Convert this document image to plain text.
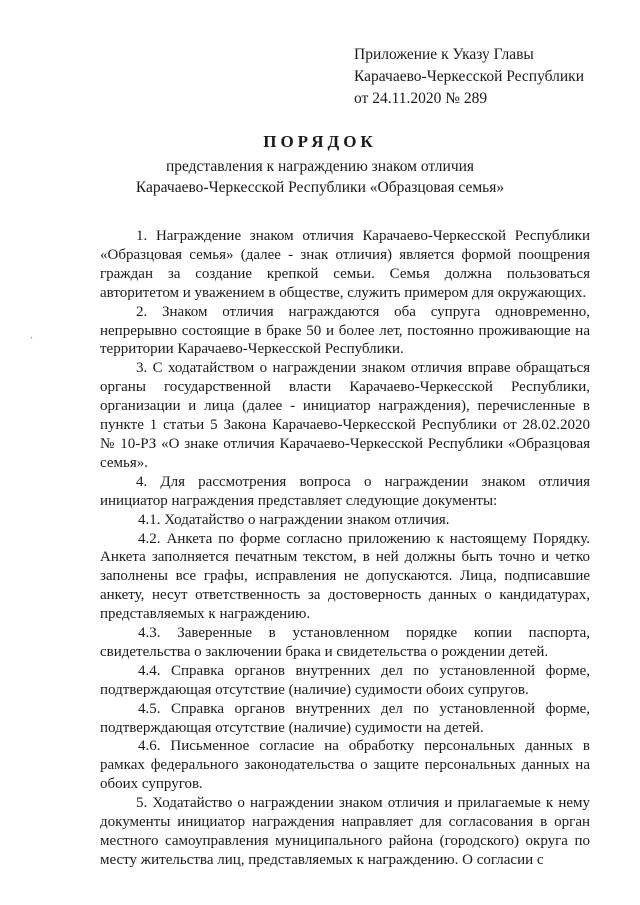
Приложение к Указу Главы
Карачаево-Черкесской Республики
от 24.11.2020 № 289
ПОРЯДОК
представления к награждению знаком отличия
Карачаево-Черкесской Республики «Образцовая семья»

1. Награждение знаком отличия Карачаево-Черкесской Республики «Образцовая семья» (далее - знак отличия) является формой поощрения граждан за создание крепкой семьи. Семья должна пользоваться авторитетом и уважением в обществе, служить примером для окружающих.

2. Знаком отличия награждаются оба супруга одновременно, непрерывно состоящие в браке 50 и более лет, постоянно проживающие на территории Карачаево-Черкесской Республики.

3. С ходатайством о награждении знаком отличия вправе обращаться органы государственной власти Карачаево-Черкесской Республики, организации и лица (далее - инициатор награждения), перечисленные в пункте 1 статьи 5 Закона Карачаево-Черкесской Республики от 28.02.2020 № 10-РЗ «О знаке отличия Карачаево-Черкесской Республики «Образцовая семья».

4. Для рассмотрения вопроса о награждении знаком отличия инициатор награждения представляет следующие документы:

4.1. Ходатайство о награждении знаком отличия.

4.2. Анкета по форме согласно приложению к настоящему Порядку. Анкета заполняется печатным текстом, в ней должны быть точно и четко заполнены все графы, исправления не допускаются. Лица, подписавшие анкету, несут ответственность за достоверность данных о кандидатурах, представляемых к награждению.

4.3. Заверенные в установленном порядке копии паспорта, свидетельства о заключении брака и свидетельства о рождении детей.

4.4. Справка органов внутренних дел по установленной форме, подтверждающая отсутствие (наличие) судимости обоих супругов.

4.5. Справка органов внутренних дел по установленной форме, подтверждающая отсутствие (наличие) судимости на детей.

4.6. Письменное согласие на обработку персональных данных в рамках федерального законодательства о защите персональных данных на обоих супругов.

5. Ходатайство о награждении знаком отличия и прилагаемые к нему документы инициатор награждения направляет для согласования в орган местного самоуправления муниципального района (городского) округа по месту жительства лиц, представляемых к награждению. О согласии с
